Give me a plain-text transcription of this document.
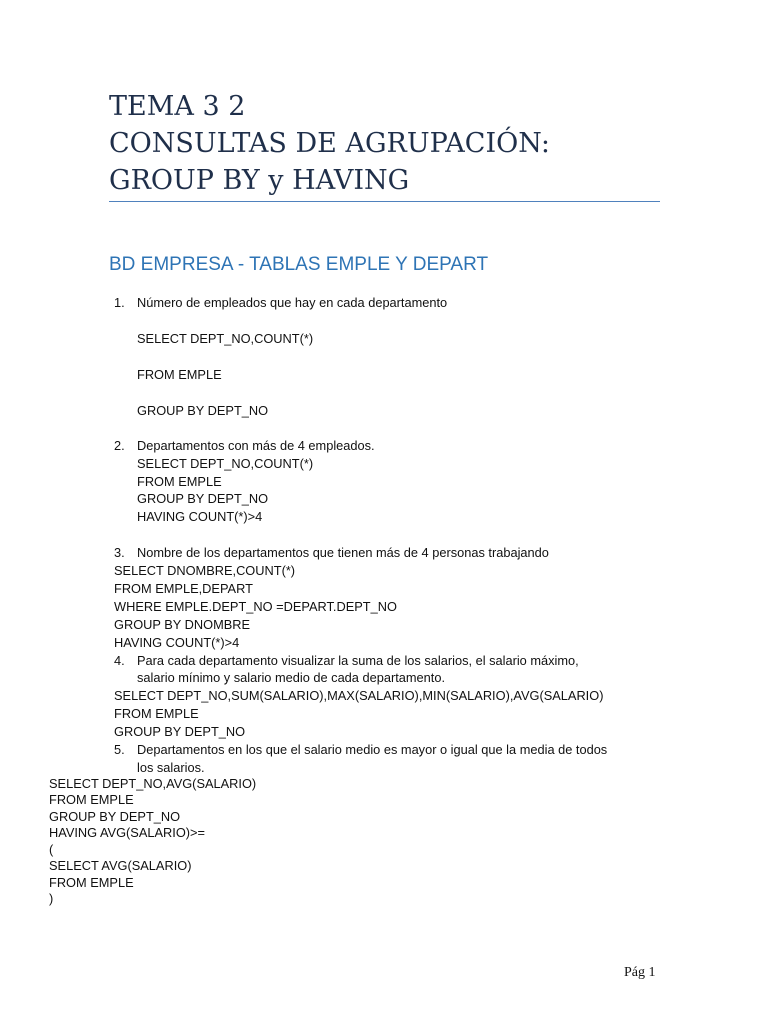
TEMA 3 2
CONSULTAS DE AGRUPACIÓN:
GROUP BY y HAVING
BD EMPRESA - TABLAS EMPLE Y DEPART
1. Número de empleados que hay en cada departamento
SELECT DEPT_NO,COUNT(*)
FROM EMPLE
GROUP BY DEPT_NO
2. Departamentos con más de 4 empleados.
SELECT DEPT_NO,COUNT(*)
FROM EMPLE
GROUP BY DEPT_NO
HAVING COUNT(*)>4
3. Nombre de los departamentos que tienen más de 4 personas trabajando
SELECT DNOMBRE,COUNT(*)
FROM EMPLE,DEPART
WHERE EMPLE.DEPT_NO =DEPART.DEPT_NO
GROUP BY DNOMBRE
HAVING COUNT(*)>4
4. Para cada departamento visualizar la suma de los salarios, el salario máximo,
salario mínimo y salario medio de cada departamento.
SELECT DEPT_NO,SUM(SALARIO),MAX(SALARIO),MIN(SALARIO),AVG(SALARIO)
FROM EMPLE
GROUP BY DEPT_NO
5. Departamentos en los que el salario medio es mayor o igual que la media de todos
los salarios.
SELECT DEPT_NO,AVG(SALARIO)
FROM EMPLE
GROUP BY DEPT_NO
HAVING AVG(SALARIO)>=
(
SELECT AVG(SALARIO)
FROM EMPLE
)
Pág 1
